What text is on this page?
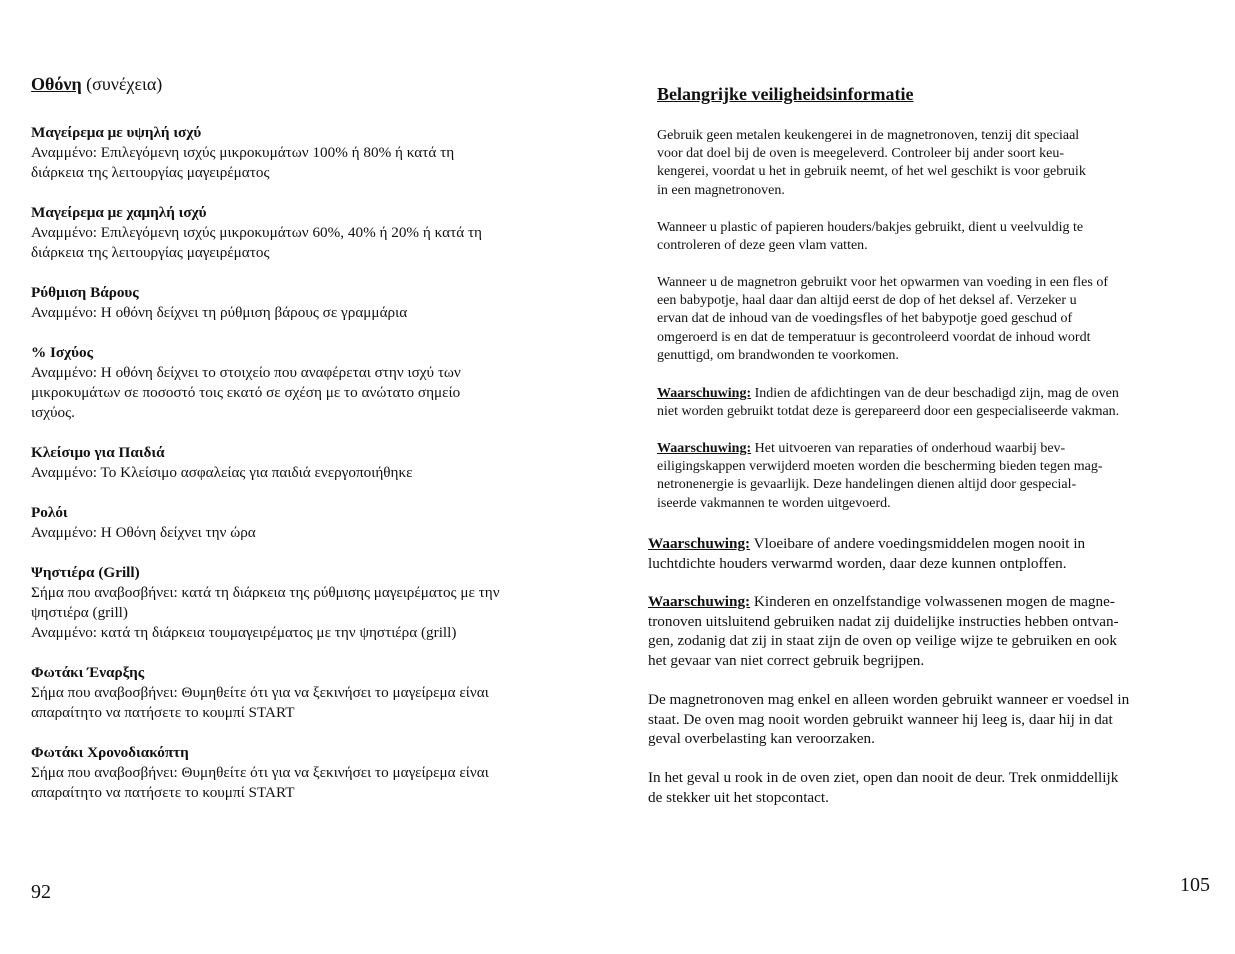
Οθόνη (συνέχεια)
Μαγείρεμα με υψηλή ισχύ
Αναμμένο: Επιλεγόμενη ισχύς μικροκυμάτων 100% ή 80% ή κατά τη
διάρκεια της λειτουργίας μαγειρέματος
Μαγείρεμα με χαμηλή ισχύ
Αναμμένο: Επιλεγόμενη ισχύς μικροκυμάτων 60%, 40% ή 20% ή κατά τη
διάρκεια της λειτουργίας μαγειρέματος
Ρύθμιση Βάρους
Αναμμένο: Η οθόνη δείχνει τη ρύθμιση βάρους σε γραμμάρια
% Ισχύος
Αναμμένο: Η οθόνη δείχνει το στοιχείο που αναφέρεται στην ισχύ των
μικροκυμάτων σε ποσοστό τοις εκατό σε σχέση με το ανώτατο σημείο
ισχύος.
Κλείσιμο για Παιδιά
Αναμμένο: Το Κλείσιμο ασφαλείας για παιδιά ενεργοποιήθηκε
Ρολόι
Αναμμένο: Η Οθόνη δείχνει την ώρα
Ψηστιέρα (Grill)
Σήμα που αναβοσβήνει: κατά τη διάρκεια της ρύθμισης μαγειρέματος με την
ψηστιέρα (grill)
Αναμμένο: κατά τη διάρκεια τουμαγειρέματος με την ψηστιέρα (grill)
Φωτάκι Έναρξης
Σήμα που αναβοσβήνει: Θυμηθείτε ότι για να ξεκινήσει το μαγείρεμα είναι
απαραίτητο να πατήσετε το κουμπί START
Φωτάκι Χρονοδιακόπτη
Σήμα που αναβοσβήνει: Θυμηθείτε ότι για να ξεκινήσει το μαγείρεμα είναι
απαραίτητο να πατήσετε το κουμπί START
92
Belangrijke veiligheidsinformatie
Gebruik geen metalen keukengerei in de magnetronoven, tenzij dit speciaal
voor dat doel bij de oven is meegeleverd. Controleer bij ander soort keu-
kengerei, voordat u het in gebruik neemt, of het wel geschikt is voor gebruik
in een magnetronoven.
Wanneer u plastic of papieren houders/bakjes gebruikt, dient u veelvuldig te
controleren of deze geen vlam vatten.
Wanneer u de magnetron gebruikt voor het opwarmen van voeding in een fles of
een babypotje, haal daar dan altijd eerst de dop of het deksel af. Verzeker u
ervan dat de inhoud van de voedingsfles of het babypotje goed geschud of
omgeroerd is en dat de temperatuur is gecontroleerd voordat de inhoud wordt
genuttigd, om brandwonden te voorkomen.
Waarschuwing: Indien de afdichtingen van de deur beschadigd zijn, mag de oven
niet worden gebruikt totdat deze is gerepareerd door een gespecialiseerde vakman.
Waarschuwing: Het uitvoeren van reparaties of onderhoud waarbij bev-
eiligingskappen verwijderd moeten worden die bescherming bieden tegen mag-
netronenergie is gevaarlijk. Deze handelingen dienen altijd door gespecial-
iseerde vakmannen te worden uitgevoerd.
Waarschuwing: Vloeibare of andere voedingsmiddelen mogen nooit in
luchtdichte houders verwarmd worden, daar deze kunnen ontploffen.
Waarschuwing: Kinderen en onzelfstandige volwassenen mogen de magne-
tronoven uitsluitend gebruiken nadat zij duidelijke instructies hebben ontvan-
gen, zodanig dat zij in staat zijn de oven op veilige wijze te gebruiken en ook
het gevaar van niet correct gebruik begrijpen.
De magnetronoven mag enkel en alleen worden gebruikt wanneer er voedsel in
staat. De oven mag nooit worden gebruikt wanneer hij leeg is, daar hij in dat
geval overbelasting kan veroorzaken.
In het geval u rook in de oven ziet, open dan nooit de deur. Trek onmiddellijk
de stekker uit het stopcontact.
105
